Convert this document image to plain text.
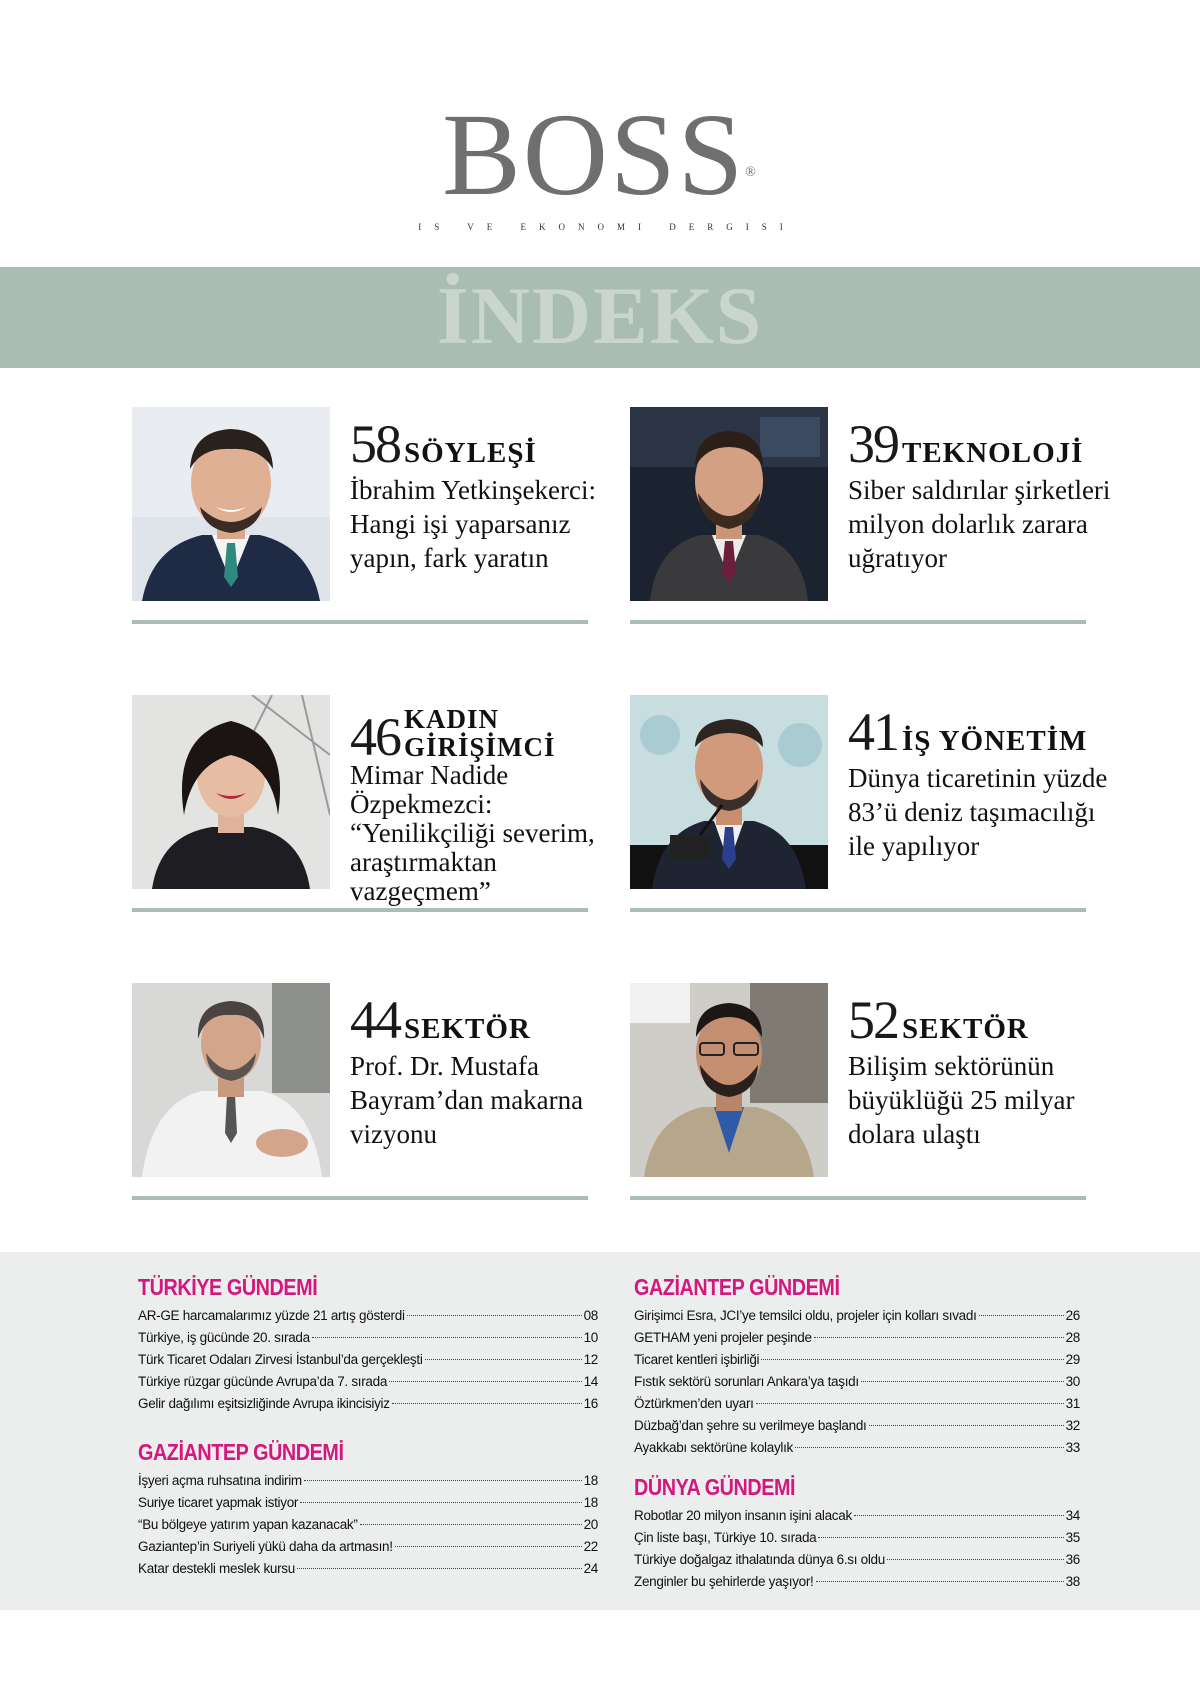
BOSS®
IS VE EKONOMI DERGISI
İNDEKS
58 SÖYLEŞİ
İbrahim Yetkinşekerci: Hangi işi yaparsanız yapın, fark yaratın
39 TEKNOLOJİ
Siber saldırılar şirketleri milyon dolarlık zarara uğratıyor
46 KADIN
GİRİŞİMCİ
Mimar Nadide Özpekmezci: “Yenilikçiliği severim, araştırmaktan vazgeçmem”
41 İŞ YÖNETİM
Dünya ticaretinin yüzde 83’ü deniz taşımacılığı ile yapılıyor
44 SEKTÖR
Prof. Dr. Mustafa Bayram’dan makarna vizyonu
52 SEKTÖR
Bilişim sektörünün büyüklüğü 25 milyar dolara ulaştı
TÜRKİYE GÜNDEMİ
AR-GE harcamalarımız yüzde 21 artış gösterdi	08
Türkiye, iş gücünde 20. sırada	10
Türk Ticaret Odaları Zirvesi İstanbul’da gerçekleşti	12
Türkiye rüzgar gücünde Avrupa’da 7. sırada	14
Gelir dağılımı eşitsizliğinde Avrupa ikincisiyiz	16
GAZİANTEP GÜNDEMİ
İşyeri açma ruhsatına indirim	18
Suriye ticaret yapmak istiyor	18
“Bu bölgeye yatırım yapan kazanacak”	20
Gaziantep’in Suriyeli yükü daha da artmasın!	22
Katar destekli meslek kursu	24
GAZİANTEP GÜNDEMİ
Girişimci Esra, JCI’ye temsilci oldu, projeler için kolları sıvadı	26
GETHAM yeni projeler peşinde	28
Ticaret kentleri işbirliği	29
Fıstık sektörü sorunları Ankara’ya taşıdı	30
Öztürkmen’den uyarı	31
Düzbağ’dan şehre su verilmeye başlandı	32
Ayakkabı sektörüne kolaylık	33
DÜNYA GÜNDEMİ
Robotlar 20 milyon insanın işini alacak	34
Çin liste başı, Türkiye 10. sırada	35
Türkiye doğalgaz ithalatında dünya 6.sı oldu	36
Zenginler bu şehirlerde yaşıyor!	38
